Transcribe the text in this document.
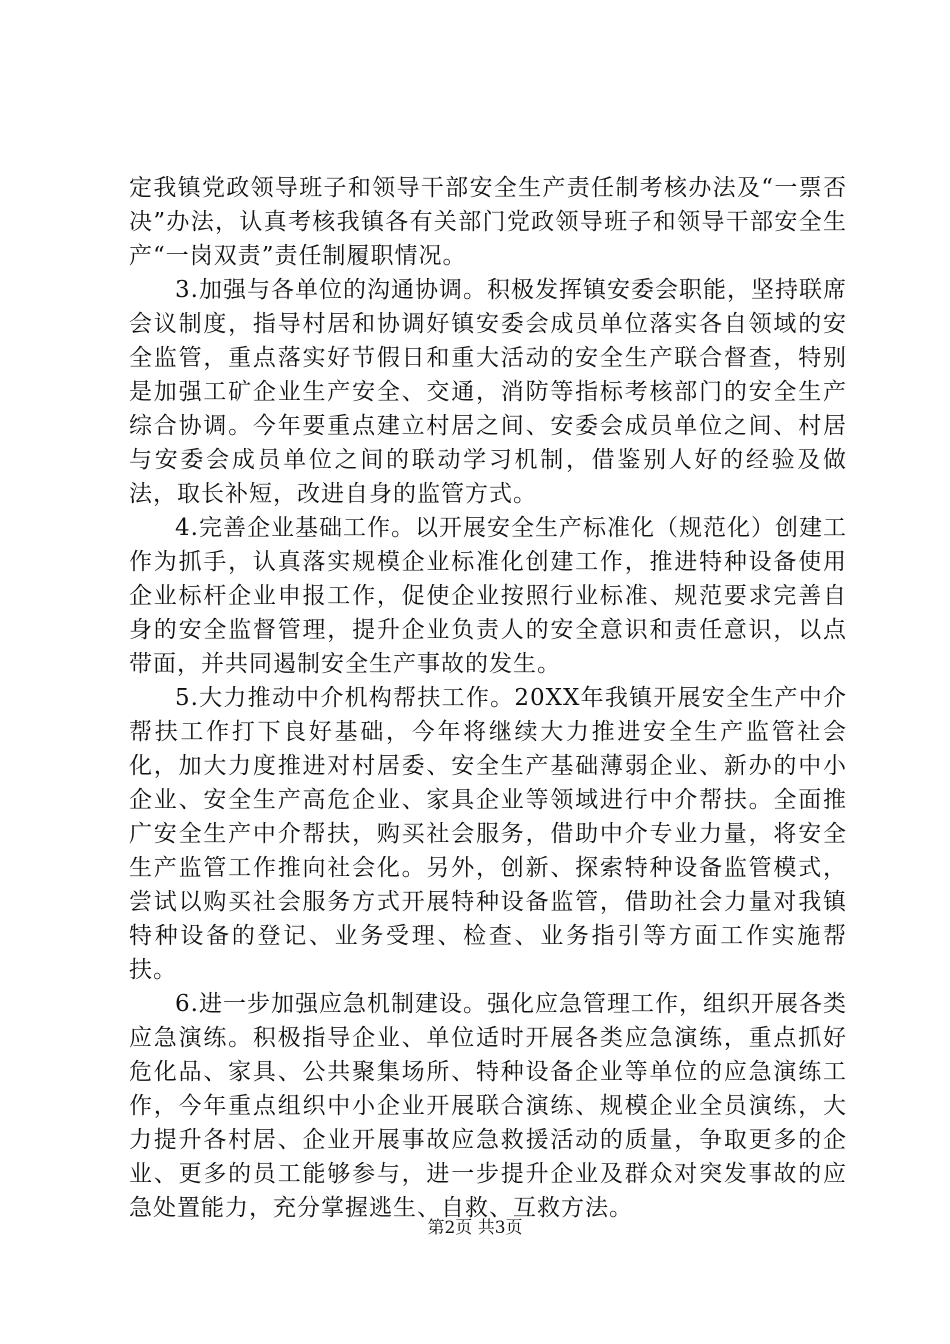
定我镇党政领导班子和领导干部安全生产责任制考核办法及“一票否决”办法，认真考核我镇各有关部门党政领导班子和领导干部安全生产“一岗双责”责任制履职情况。

3.加强与各单位的沟通协调。积极发挥镇安委会职能，坚持联席会议制度，指导村居和协调好镇安委会成员单位落实各自领域的安全监管，重点落实好节假日和重大活动的安全生产联合督查，特别是加强工矿企业生产安全、交通，消防等指标考核部门的安全生产综合协调。今年要重点建立村居之间、安委会成员单位之间、村居与安委会成员单位之间的联动学习机制，借鉴别人好的经验及做法，取长补短，改进自身的监管方式。

4.完善企业基础工作。以开展安全生产标准化（规范化）创建工作为抓手，认真落实规模企业标准化创建工作，推进特种设备使用企业标杆企业申报工作，促使企业按照行业标准、规范要求完善自身的安全监督管理，提升企业负责人的安全意识和责任意识，以点带面，并共同遏制安全生产事故的发生。

5.大力推动中介机构帮扶工作。20XX年我镇开展安全生产中介帮扶工作打下良好基础，今年将继续大力推进安全生产监管社会化，加大力度推进对村居委、安全生产基础薄弱企业、新办的中小企业、安全生产高危企业、家具企业等领域进行中介帮扶。全面推广安全生产中介帮扶，购买社会服务，借助中介专业力量，将安全生产监管工作推向社会化。另外，创新、探索特种设备监管模式，尝试以购买社会服务方式开展特种设备监管，借助社会力量对我镇特种设备的登记、业务受理、检查、业务指引等方面工作实施帮扶。

6.进一步加强应急机制建设。强化应急管理工作，组织开展各类应急演练。积极指导企业、单位适时开展各类应急演练，重点抓好危化品、家具、公共聚集场所、特种设备企业等单位的应急演练工作，今年重点组织中小企业开展联合演练、规模企业全员演练，大力提升各村居、企业开展事故应急救援活动的质量，争取更多的企业、更多的员工能够参与，进一步提升企业及群众对突发事故的应急处置能力，充分掌握逃生、自救、互救方法。

第2页 共3页
